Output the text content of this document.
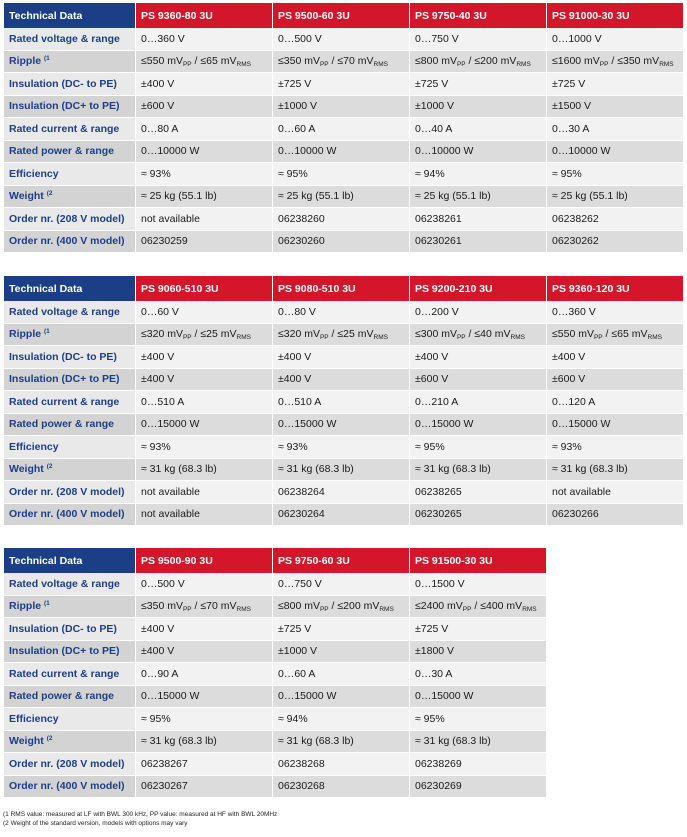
Technical Data	PS 9360-80 3U	PS 9500-60 3U	PS 9750-40 3U	PS 91000-30 3U
Rated voltage & range	0…360 V	0…500 V	0…750 V	0…1000 V
Ripple $^{(1}$	≤550 $mV_{PP} / \le 65$ $mV_{RMS}$	≤350 $mV_{PP} / \le 70$ $mV_{RMS}$	≤800 $mV_{PP} / \le 200$ $mV_{RMS}$	≤1600 $mV_{PP} / \le 350$ $mV_{RMS}$
Insulation (DC- to PE)	±400 V	±725 V	±725 V	±725 V
Insulation (DC+ to PE)	±600 V	±1000 V	±1000 V	±1500 V
Rated current & range	0…80 A	0…60 A	0…40 A	0…30 A
Rated power & range	0…10000 W	0…10000 W	0…10000 W	0…10000 W
Efficiency	≈ 93%	≈ 95%	≈ 94%	≈ 95%
Weight $^{(2}$	≈ 25 kg (55.1 lb)	≈ 25 kg (55.1 lb)	≈ 25 kg (55.1 lb)	≈ 25 kg (55.1 lb)
Order nr. (208 V model)	not available	06238260	06238261	06238262
Order nr. (400 V model)	06230259	06230260	06230261	06230262
Technical Data	PS 9060-510 3U	PS 9080-510 3U	PS 9200-210 3U	PS 9360-120 3U
Rated voltage & range	0…60 V	0…80 V	0…200 V	0…360 V
Ripple $^{(1}$	≤320 $mV_{PP} / \le 25$ $mV_{RMS}$	≤320 $mV_{PP} / \le 25$ $mV_{RMS}$	≤300 $mV_{PP} / \le 40$ $mV_{RMS}$	≤550 $mV_{PP} / \le 65$ $mV_{RMS}$
Insulation (DC- to PE)	±400 V	±400 V	±400 V	±400 V
Insulation (DC+ to PE)	±400 V	±400 V	±600 V	±600 V
Rated current & range	0…510 A	0…510 A	0…210 A	0…120 A
Rated power & range	0…15000 W	0…15000 W	0…15000 W	0…15000 W
Efficiency	≈ 93%	≈ 93%	≈ 95%	≈ 93%
Weight $^{(2}$	≈ 31 kg (68.3 lb)	≈ 31 kg (68.3 lb)	≈ 31 kg (68.3 lb)	≈ 31 kg (68.3 lb)
Order nr. (208 V model)	not available	06238264	06238265	not available
Order nr. (400 V model)	not available	06230264	06230265	06230266
Technical Data	PS 9500-90 3U	PS 9750-60 3U	PS 91500-30 3U
Rated voltage & range	0…500 V	0…750 V	0…1500 V
Ripple $^{(1}$	≤350 $mV_{PP} / \le 70$ $mV_{RMS}$	≤800 $mV_{PP} / \le 200$ $mV_{RMS}$	≤2400 $mV_{PP} / \le 400$ $mV_{RMS}$
Insulation (DC- to PE)	±400 V	±725 V	±725 V
Insulation (DC+ to PE)	±400 V	±1000 V	±1800 V
Rated current & range	0…90 A	0…60 A	0…30 A
Rated power & range	0…15000 W	0…15000 W	0…15000 W
Efficiency	≈ 95%	≈ 94%	≈ 95%
Weight $^{(2}$	≈ 31 kg (68.3 lb)	≈ 31 kg (68.3 lb)	≈ 31 kg (68.3 lb)
Order nr. (208 V model)	06238267	06238268	06238269
Order nr. (400 V model)	06230267	06230268	06230269
(1 RMS value: measured at LF with BWL 300 kHz, PP value: measured at HF with BWL 20MHz
(2 Weight of the standard version, models with options may vary
